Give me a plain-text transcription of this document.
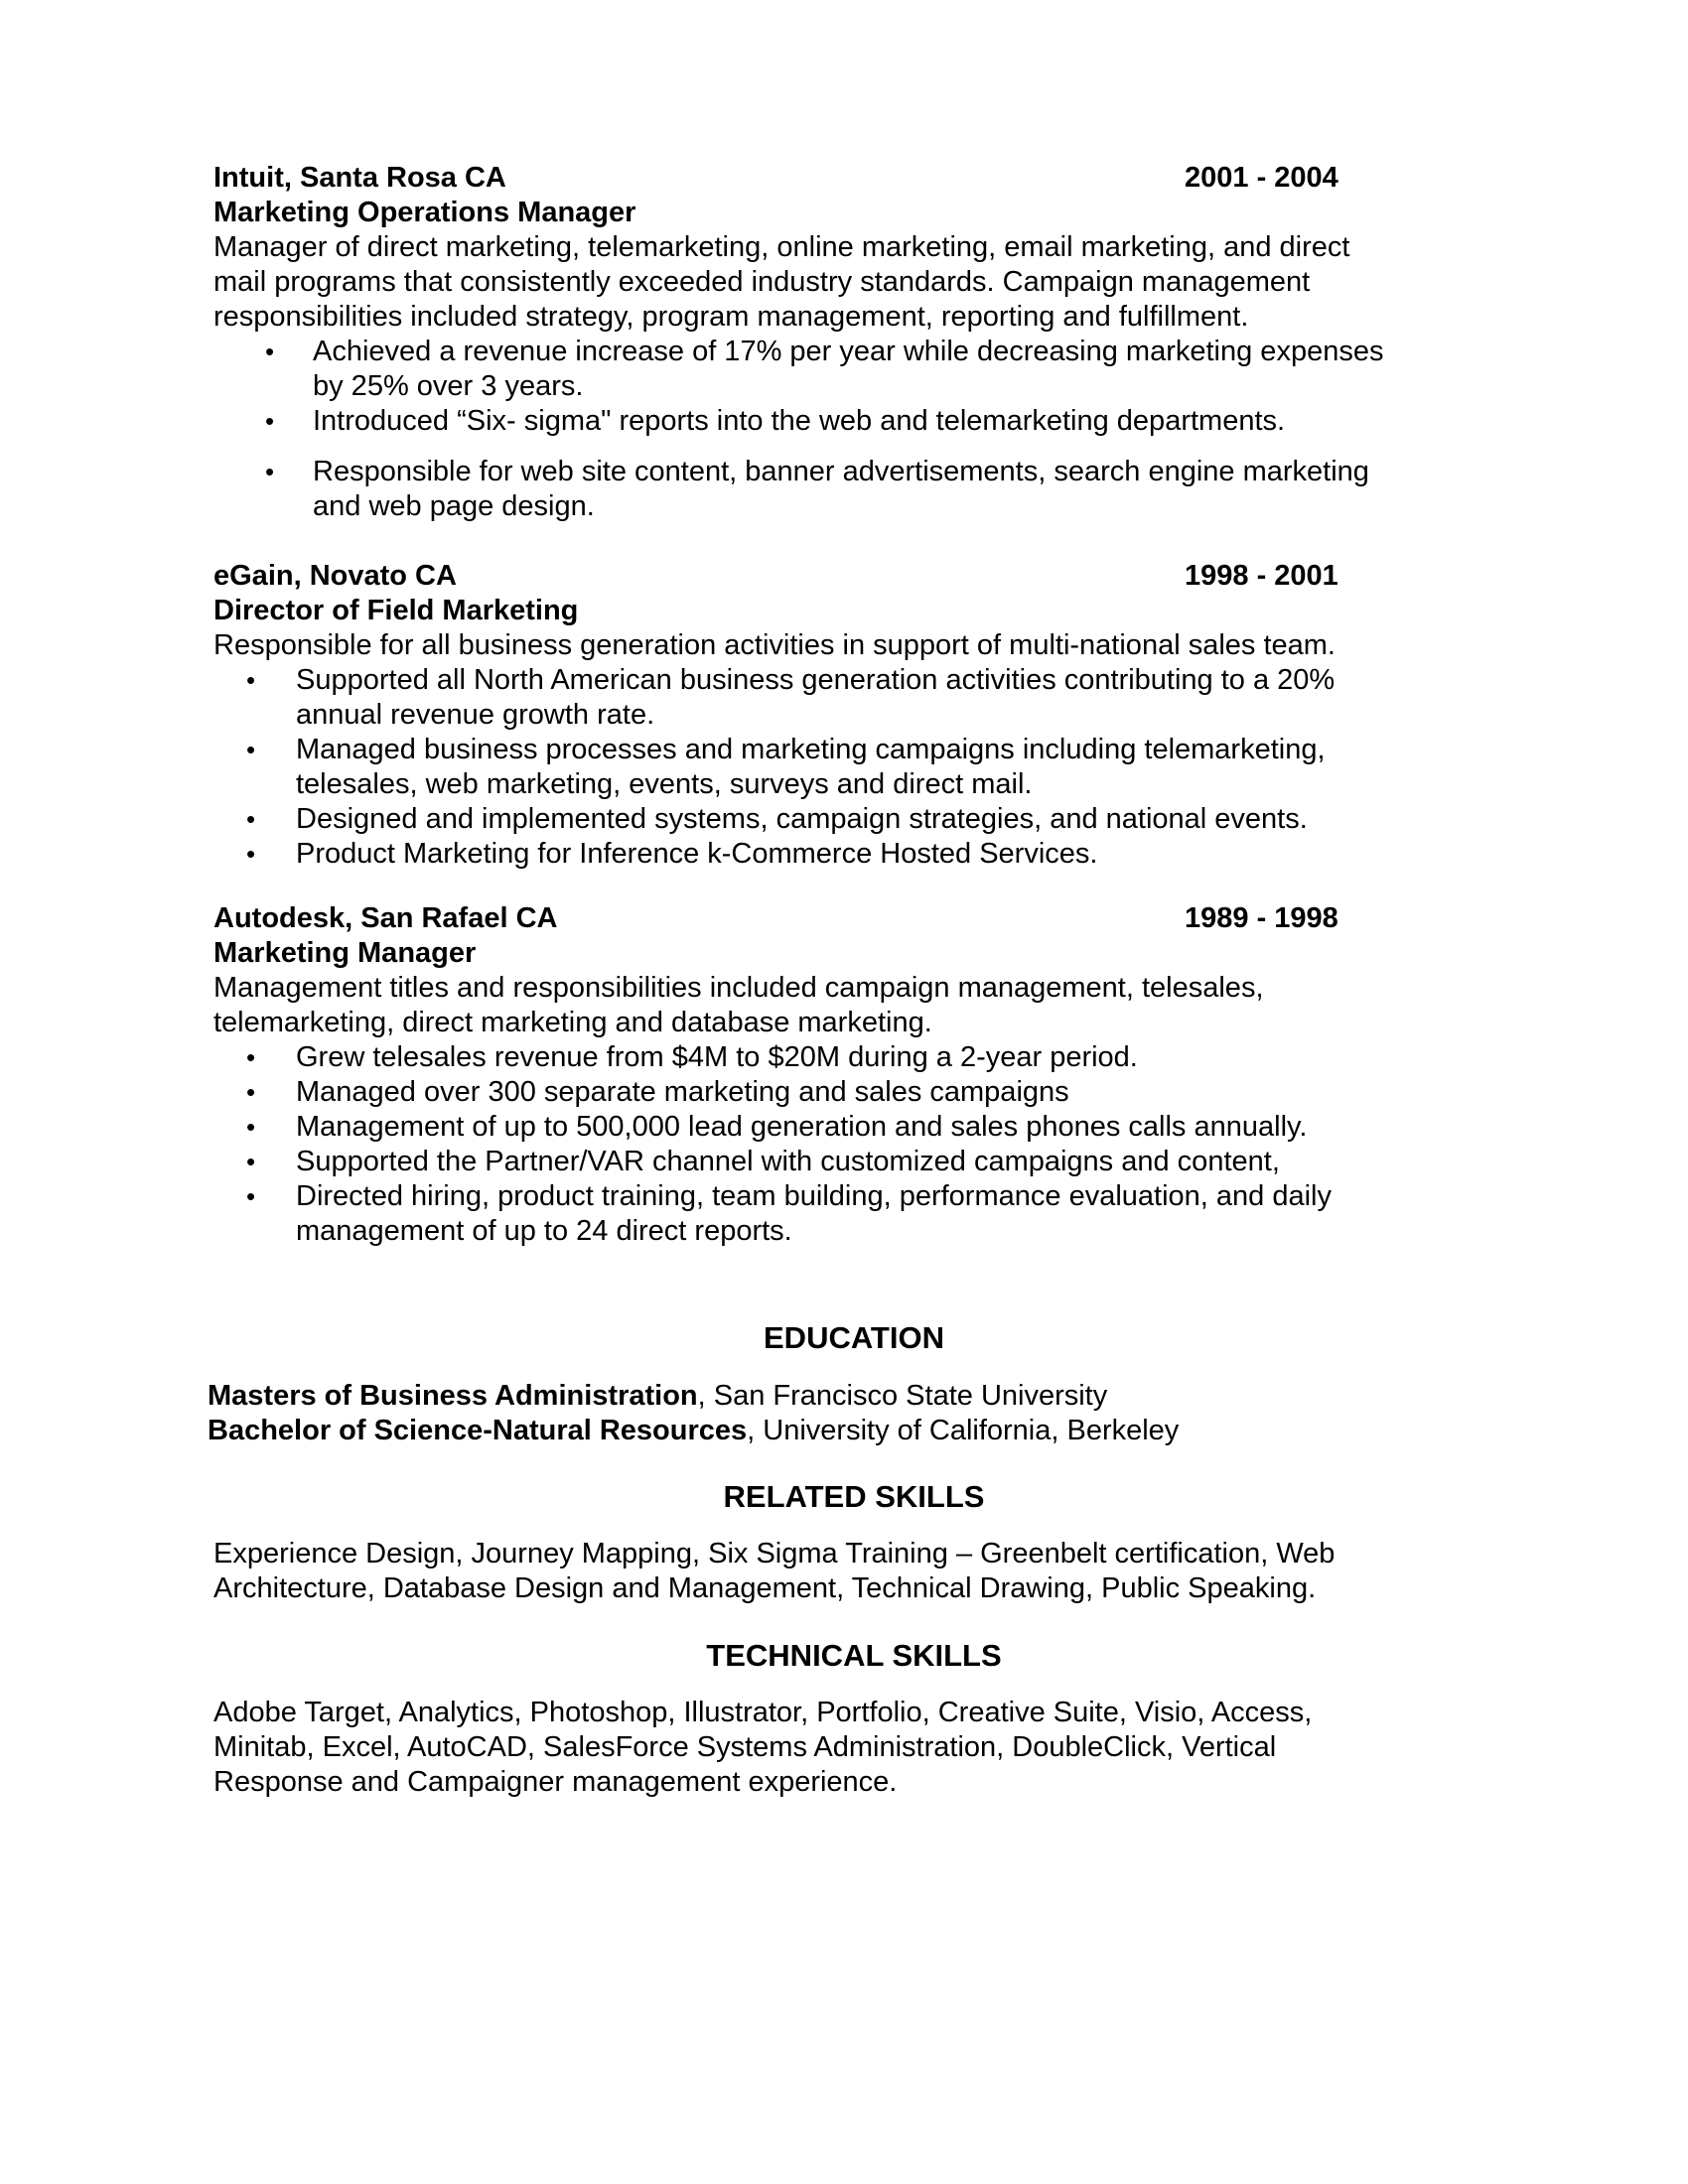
Intuit, Santa Rosa CA	2001 - 2004
Marketing Operations Manager
Manager of direct marketing, telemarketing, online marketing, email marketing, and direct
mail programs that consistently exceeded industry standards. Campaign management
responsibilities included strategy, program management, reporting and fulfillment.
• Achieved a revenue increase of 17% per year while decreasing marketing expenses
by 25% over 3 years.
• Introduced “Six- sigma" reports into the web and telemarketing departments.
• Responsible for web site content, banner advertisements, search engine marketing
and web page design.
eGain, Novato CA	1998 - 2001
Director of Field Marketing
Responsible for all business generation activities in support of multi-national sales team.
• Supported all North American business generation activities contributing to a 20%
annual revenue growth rate.
• Managed business processes and marketing campaigns including telemarketing,
telesales, web marketing, events, surveys and direct mail.
• Designed and implemented systems, campaign strategies, and national events.
• Product Marketing for Inference k-Commerce Hosted Services.
Autodesk, San Rafael CA	1989 - 1998
Marketing Manager
Management titles and responsibilities included campaign management, telesales,
telemarketing, direct marketing and database marketing.
• Grew telesales revenue from $4M to $20M during a 2-year period.
• Managed over 300 separate marketing and sales campaigns
• Management of up to 500,000 lead generation and sales phones calls annually.
• Supported the Partner/VAR channel with customized campaigns and content,
• Directed hiring, product training, team building, performance evaluation, and daily
management of up to 24 direct reports.
EDUCATION
Masters of Business Administration, San Francisco State University
Bachelor of Science-Natural Resources, University of California, Berkeley
RELATED SKILLS
Experience Design, Journey Mapping, Six Sigma Training – Greenbelt certification, Web
Architecture, Database Design and Management, Technical Drawing, Public Speaking.
TECHNICAL SKILLS
Adobe Target, Analytics, Photoshop, Illustrator, Portfolio, Creative Suite, Visio, Access,
Minitab, Excel, AutoCAD, SalesForce Systems Administration, DoubleClick, Vertical
Response and Campaigner management experience.
